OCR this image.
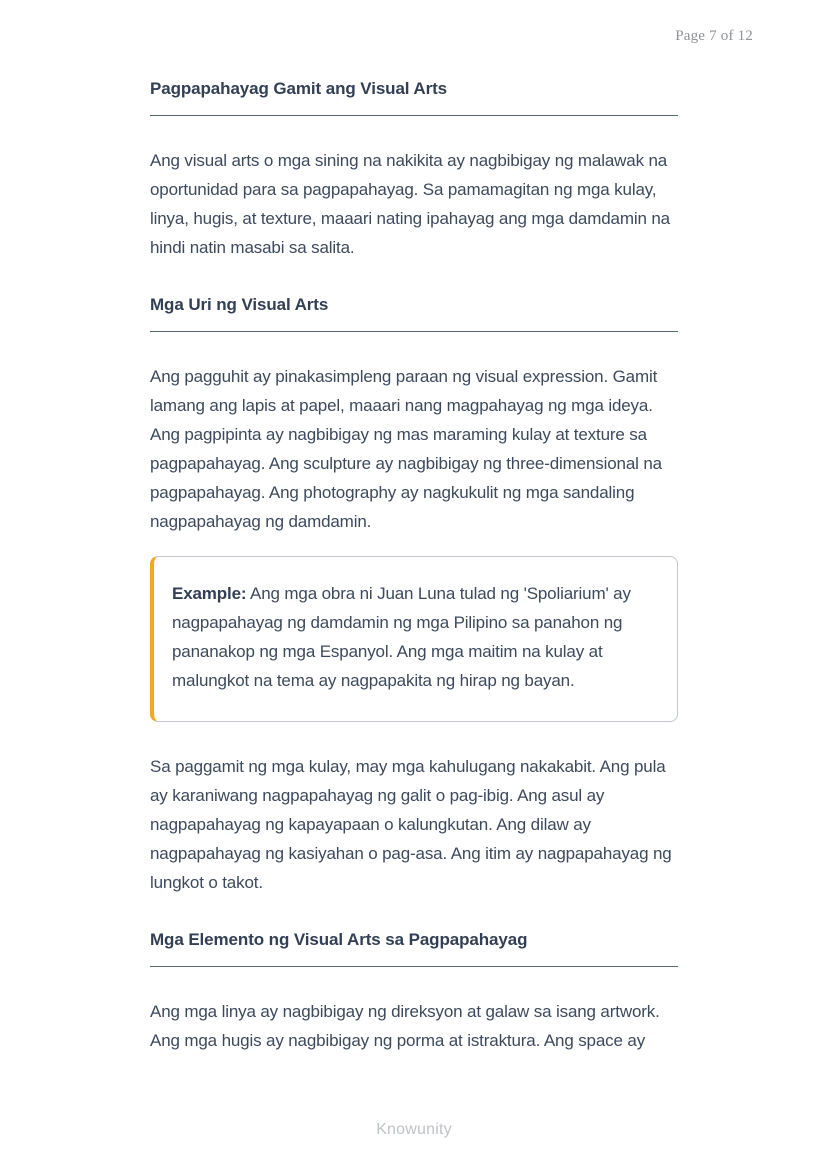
Page 7 of 12
Pagpapahayag Gamit ang Visual Arts

Ang visual arts o mga sining na nakikita ay nagbibigay ng malawak na oportunidad para sa pagpapahayag. Sa pamamagitan ng mga kulay, linya, hugis, at texture, maaari nating ipahayag ang mga damdamin na hindi natin masabi sa salita.

Mga Uri ng Visual Arts

Ang pagguhit ay pinakasimpleng paraan ng visual expression. Gamit lamang ang lapis at papel, maaari nang magpahayag ng mga ideya. Ang pagpipinta ay nagbibigay ng mas maraming kulay at texture sa pagpapahayag. Ang sculpture ay nagbibigay ng three-dimensional na pagpapahayag. Ang photography ay nagkukulit ng mga sandaling nagpapahayag ng damdamin.

Example: Ang mga obra ni Juan Luna tulad ng 'Spoliarium' ay nagpapahayag ng damdamin ng mga Pilipino sa panahon ng pananakop ng mga Espanyol. Ang mga maitim na kulay at malungkot na tema ay nagpapakita ng hirap ng bayan.

Sa paggamit ng mga kulay, may mga kahulugang nakakabit. Ang pula ay karaniwang nagpapahayag ng galit o pag-ibig. Ang asul ay nagpapahayag ng kapayapaan o kalungkutan. Ang dilaw ay nagpapahayag ng kasiyahan o pag-asa. Ang itim ay nagpapahayag ng lungkot o takot.

Mga Elemento ng Visual Arts sa Pagpapahayag

Ang mga linya ay nagbibigay ng direksyon at galaw sa isang artwork. Ang mga hugis ay nagbibigay ng porma at istraktura. Ang space ay

Knowunity
